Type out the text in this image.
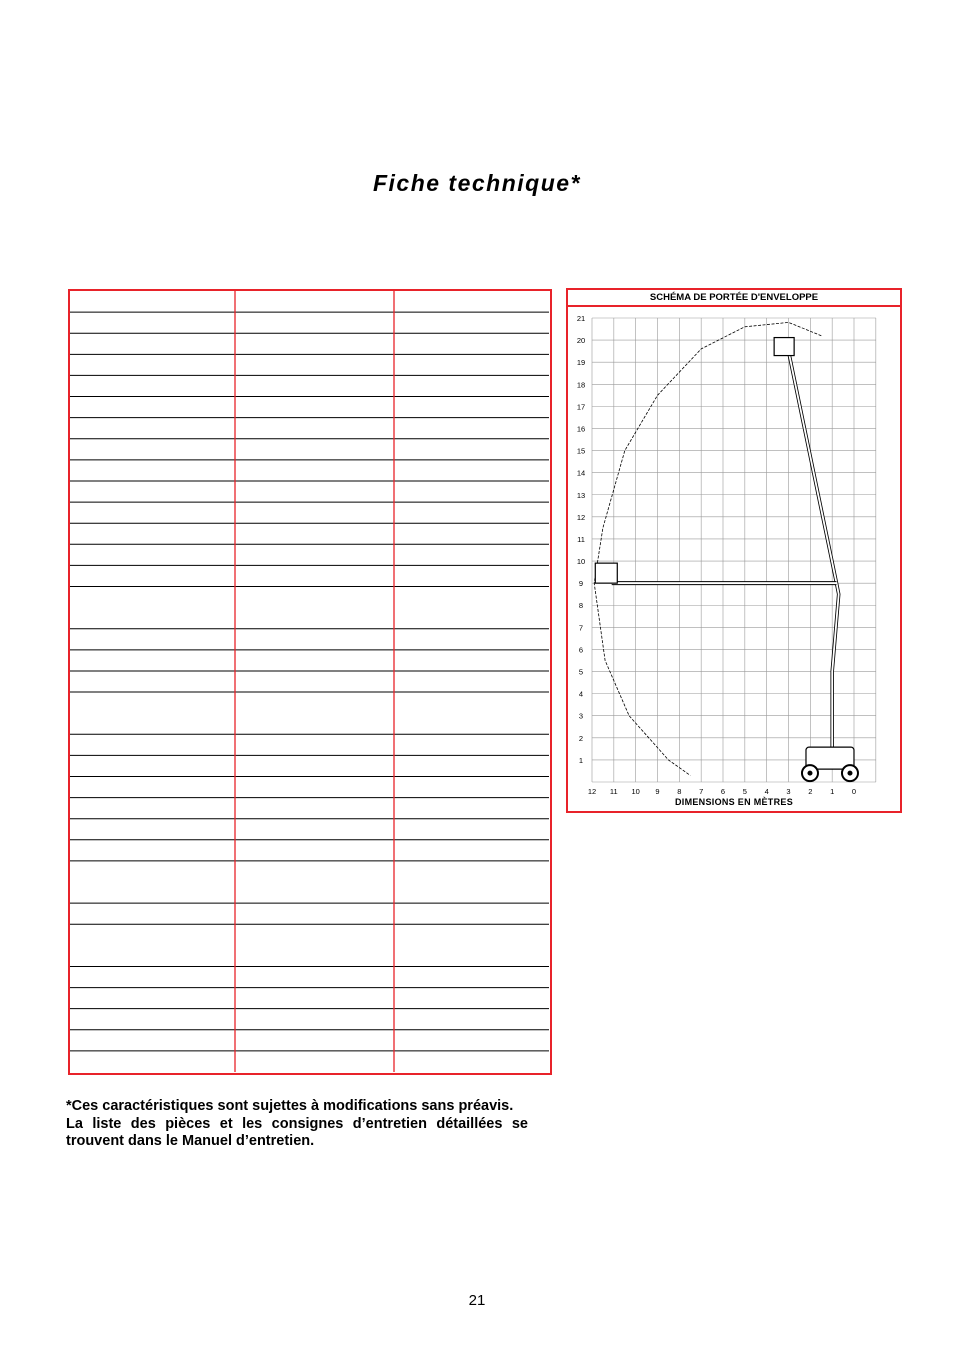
Fiche technique*
SCHÉMA DE PORTÉE D'ENVELOPPE
1
2
3
4
5
6
7
8
9
10
11
12
13
14
15
16
17
18
19
20
21
12 11 10 9 8 7 6 5 4 3 2 1 0
DIMENSIONS EN MÈTRES

*Ces caractéristiques sont sujettes à modifications sans préavis.

La liste des pièces et les consignes d’entretien détaillées se trouvent dans le Manuel d’entretien.

21
